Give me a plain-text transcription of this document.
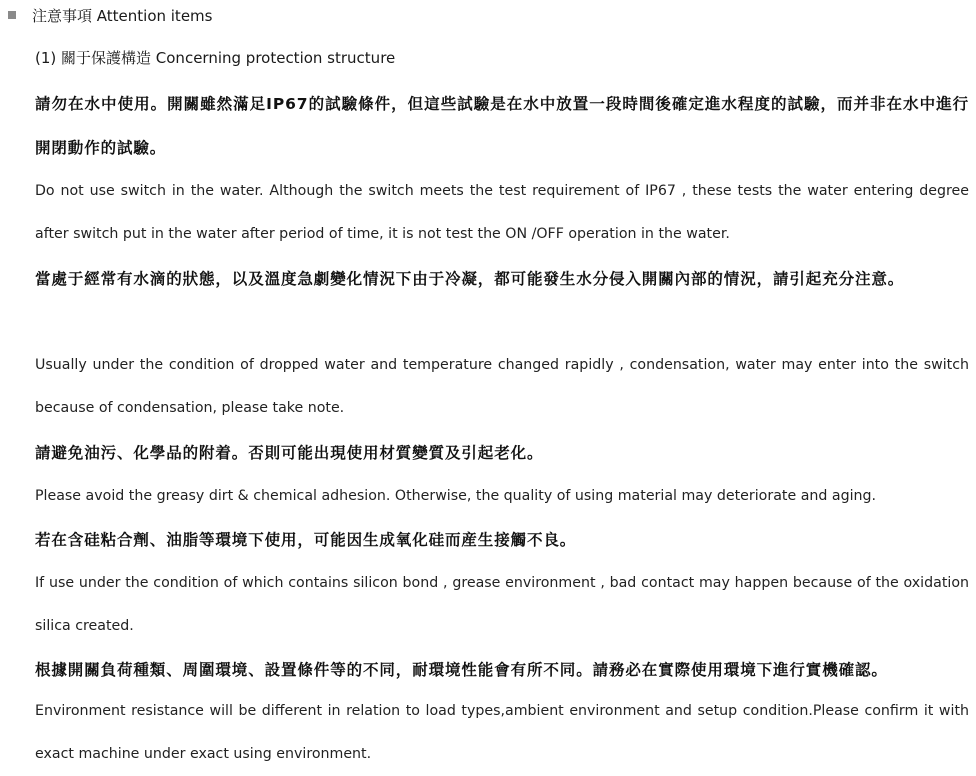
注意事項 Attention items
(1) 關于保護構造 Concerning protection structure

請勿在水中使用。開關雖然滿足IP67的試驗條件，但這些試驗是在水中放置一段時間後確定進水程度的試驗，而并非在水中進行開閉動作的試驗。

Do not use switch in the water. Although the switch meets the test requirement of IP67 , these tests the water entering degree after switch put in the water after period of time, it is not test the ON /OFF operation in the water.

當處于經常有水滴的狀態，以及溫度急劇變化情況下由于冷凝，都可能發生水分侵入開關內部的情況，請引起充分注意。

Usually under the condition of dropped water and temperature changed rapidly , condensation, water may enter into the switch because of condensation, please take note.

請避免油污、化學品的附着。否則可能出現使用材質變質及引起老化。

Please avoid the greasy dirt & chemical adhesion. Otherwise, the quality of using material may deteriorate and aging.

若在含硅粘合劑、油脂等環境下使用，可能因生成氧化硅而産生接觸不良。

If use under the condition of which contains silicon bond , grease environment , bad contact may happen because of the oxidation silica created.

根據開關負荷種類、周圍環境、設置條件等的不同，耐環境性能會有所不同。請務必在實際使用環境下進行實機確認。

Environment resistance will be different in relation to load types,ambient environment and setup condition.Please confirm it with exact machine under exact using environment.
